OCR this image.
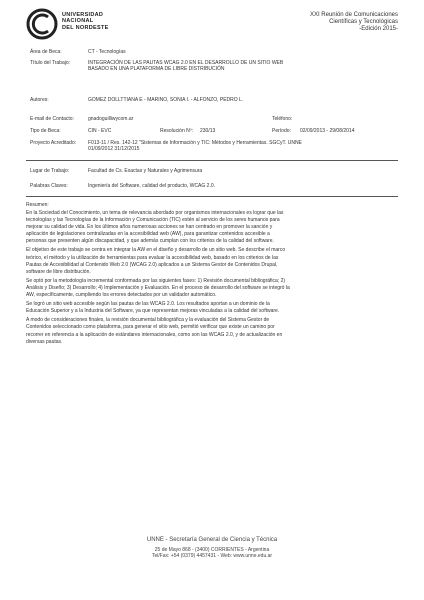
UNIVERSIDAD
NACIONAL
DEL NORDESTE
XXI Reunión de Comunicaciones
Científicas y Tecnológicas
-Edición 2015-
Área de Beca:	CT - Tecnologías
Título del Trabajo:	INTEGRACIÓN DE LAS PAUTAS WCAG 2.0 EN EL DESARROLLO DE UN SITIO WEB
BASADO EN UNA PLATAFORMA DE LIBRE DISTRIBUCIÓN
Autores:	GOMEZ DOLLTTIANA E - MARINO, SONIA I. - ALFONZO, PEDRO L.
E-mail de Contacto:	gnadoguilliwycom.ar	Teléfono:
Tipo de Beca:	CIN - EVC	Resolución Nº: 230/13	Período: 02/09/2013 - 29/08/2014
Proyecto Acreditado: F013-11 / Res. 142-12 "Sistemas de Información y TIC: Métodos y Herramientas. SGCyT. UNNE
01/09/2012 31/12/2015
Lugar de Trabajo:	Facultad de Cs. Exactas y Naturales y Agrimensura
Palabras Claves:	Ingeniería del Software, calidad del producto, WCAG 2.0.
Resumen:
En la Sociedad del Conocimiento, un tema de relevancia abordado por organismos internacionales es lograr que las
tecnologías y las Tecnologías de la Información y Comunicación (TIC) estén al servicio de los seres humanos para
mejorar su calidad de vida. En los últimos años numerosas acciones se han centrado en promover la sanción y
aplicación de legislaciones centralizadas en la accesibilidad web (AW), para garantizar contenidos accesible a
personas que presenten algún discapacidad, y que además cumplan con los criterios de la calidad del software.
El objetivo de este trabajo se centra en integrar la AW en el diseño y desarrollo de un sitio web. Se describe el marco
teórico, el método y la utilización de herramientas para evaluar la accesibilidad web, basado en los criterios de las
Pautas de Accesibilidad al Contenido Web 2.0 (WCAG 2.0) aplicados a un Sistema Gestor de Contenidos Drupal,
software de libre distribución.
Se optó por la metodología incremental conformada por las siguientes fases: 1) Revisión documental bibliográfica; 2)
Análisis y Diseño; 3) Desarrollo; 4) Implementación y Evaluación. En el proceso de desarrollo del software se integró la
AW, específicamente, cumpliendo los errores detectados por un validador automático.
Se logró un sitio web accesible según las pautas de las WCAG 2.0. Los resultados aportan a un dominio de la
Educación Superior y a la Industria del Software, ya que representan mejoras vinculadas a la calidad del software.
A modo de consideraciones finales, la revisión documental bibliográfica y la evaluación del Sistema Gestor de
Contenidos seleccionado como plataforma, para generar el sitio web, permitió verificar que existe un camino por
recorrer en referencia a la aplicación de estándares internacionales, como son las WCAG 2.0, y de actualización en
diversas pautas.
UNNE - Secretaría General de Ciencia y Técnica
25 de Mayo 868 - (3400) CORRIENTES - Argentina
Tel/Fax: +54 (0379) 4457431 - Web: www.unne.edu.ar
